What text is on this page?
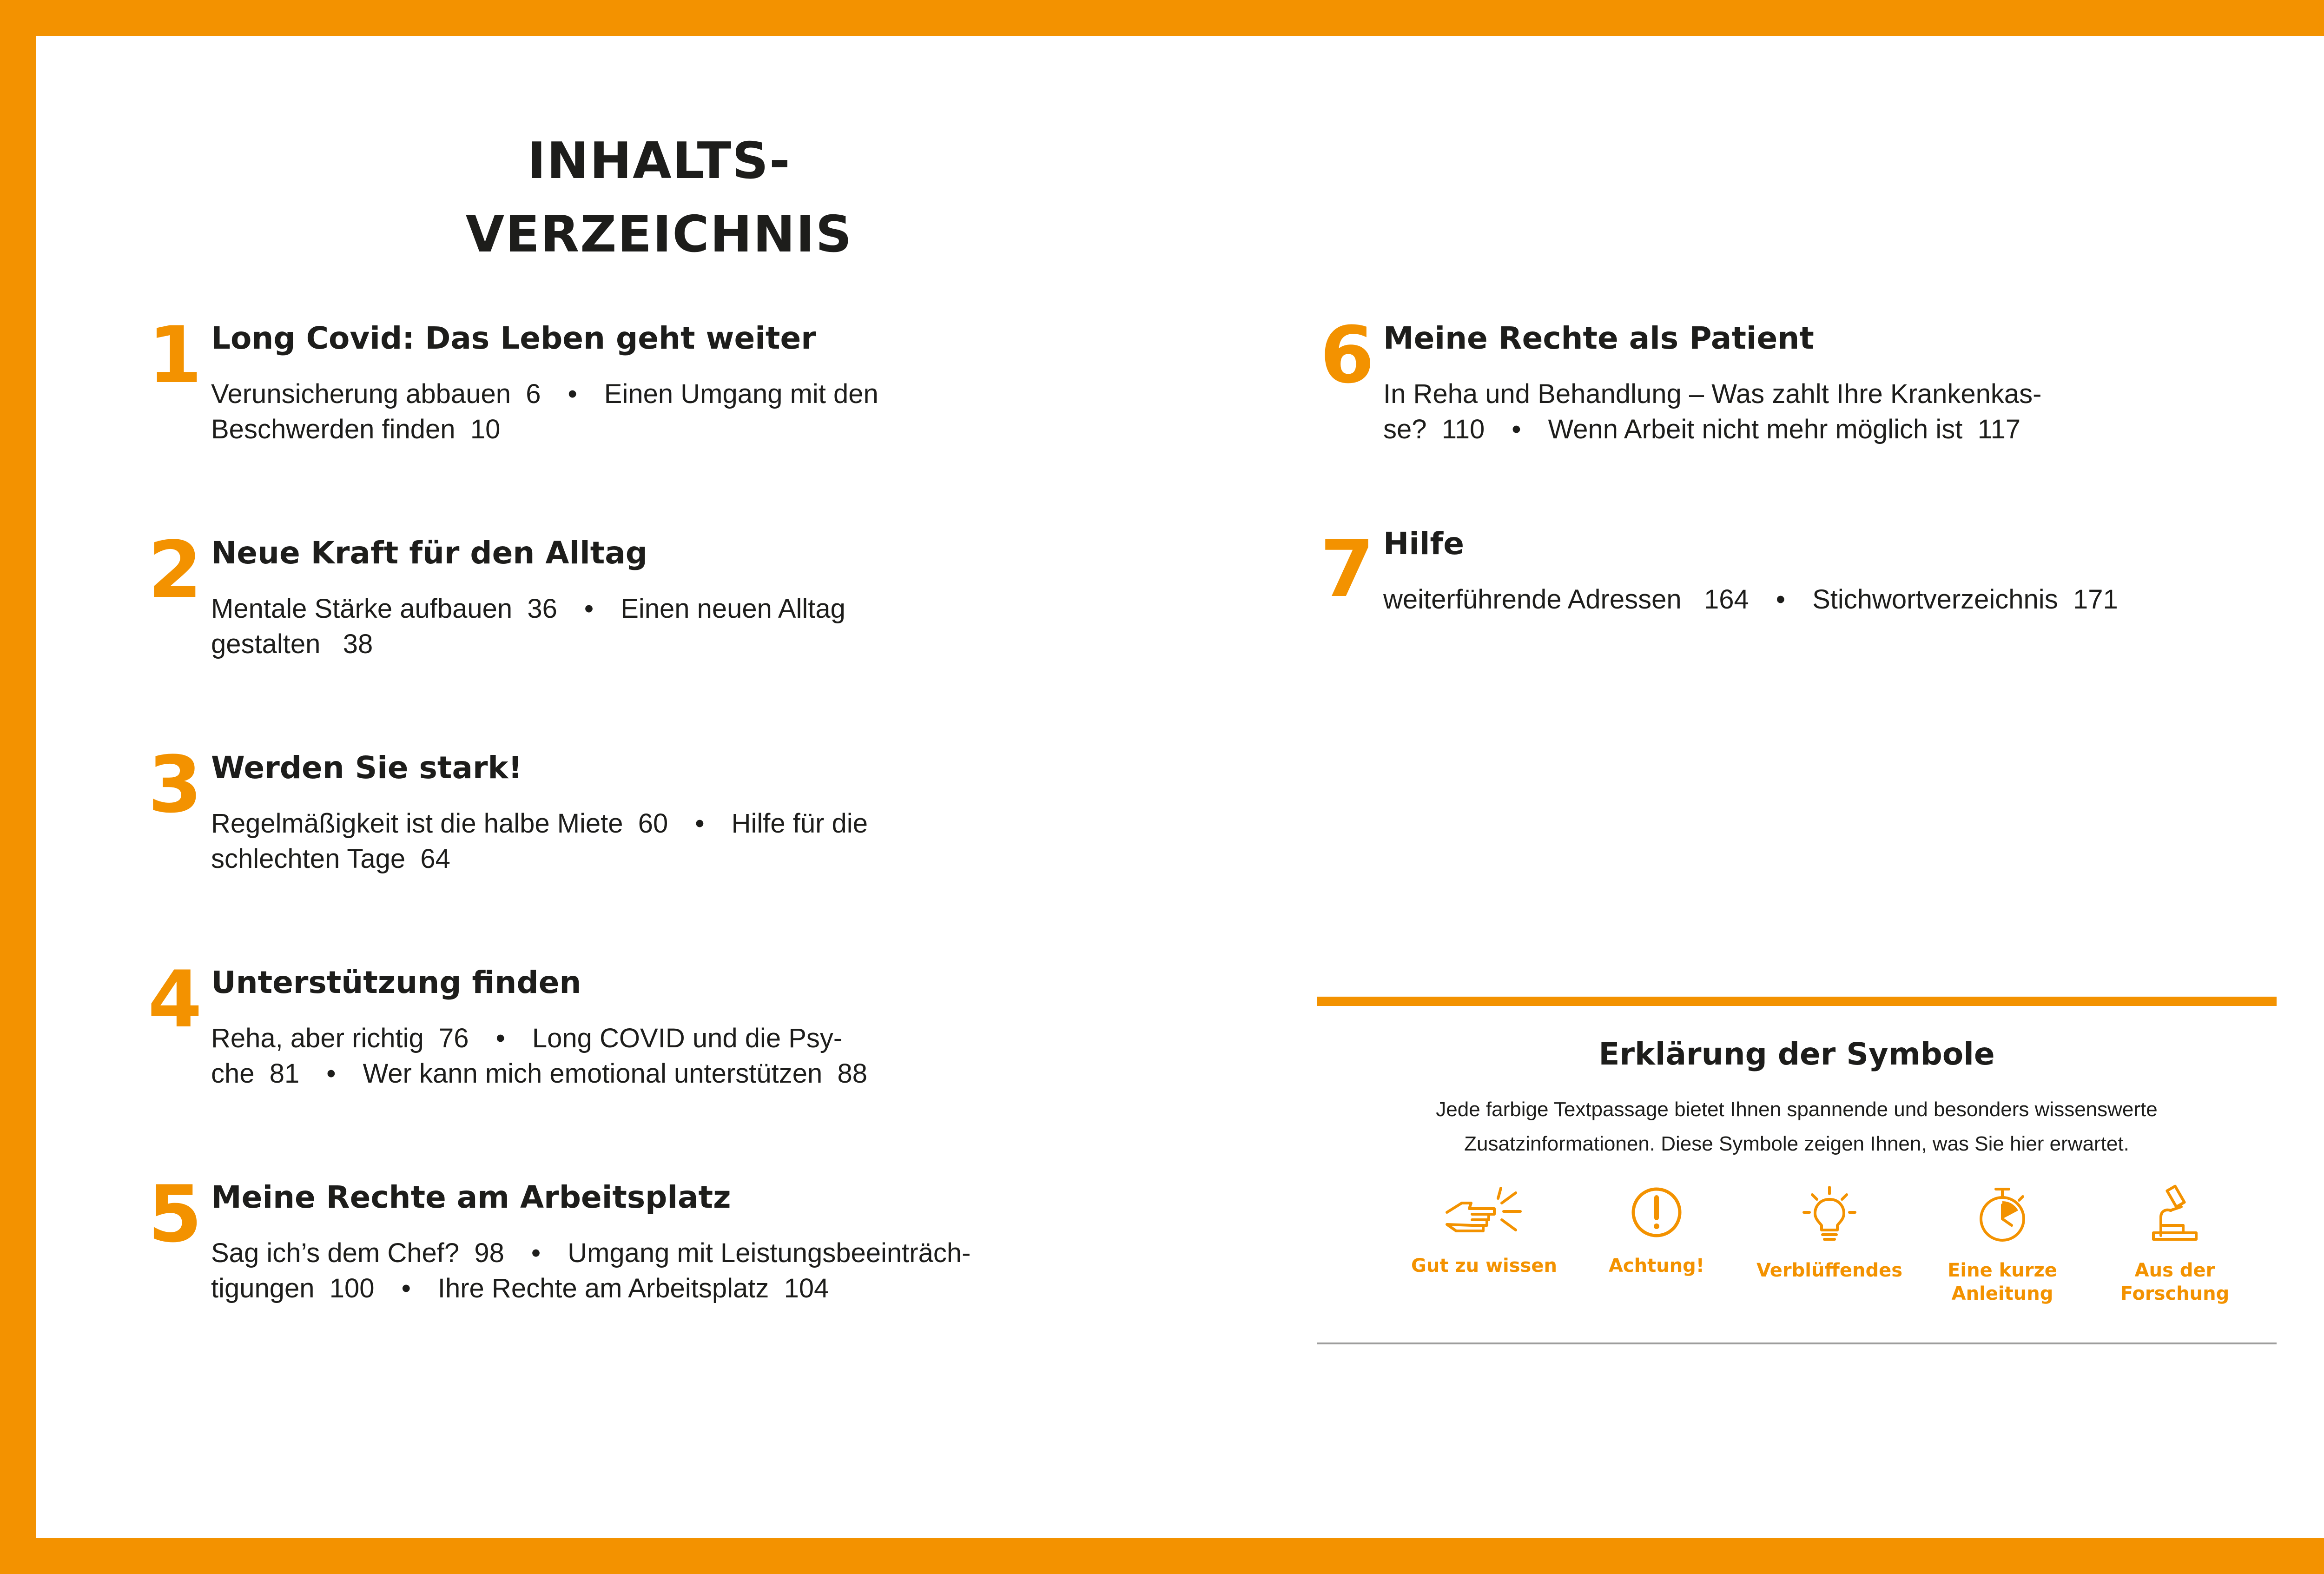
INHALTS-
VERZEICHNIS
1 Long Covid: Das Leben geht weiter
Verunsicherung abbauen 6 • Einen Umgang mit den
Beschwerden finden 10
2 Neue Kraft für den Alltag
Mentale Stärke aufbauen 36 • Einen neuen Alltag
gestalten 38
3 Werden Sie stark!
Regelmäßigkeit ist die halbe Miete 60 • Hilfe für die
schlechten Tage 64
4 Unterstützung finden
Reha, aber richtig 76 • Long COVID und die Psy-
che 81 • Wer kann mich emotional unterstützen 88
5 Meine Rechte am Arbeitsplatz
Sag ich’s dem Chef? 98 • Umgang mit Leistungsbeeinträch-
tigungen 100 • Ihre Rechte am Arbeitsplatz 104
6 Meine Rechte als Patient
In Reha und Behandlung – Was zahlt Ihre Krankenkas-
se? 110 • Wenn Arbeit nicht mehr möglich ist 117
7 Hilfe
weiterführende Adressen 164 • Stichwortverzeichnis 171
Erklärung der Symbole
Jede farbige Textpassage bietet Ihnen spannende und besonders wissenswerte
Zusatzinformationen. Diese Symbole zeigen Ihnen, was Sie hier erwartet.
Gut zu wissen	Achtung!	Verblüffendes	Eine kurze
Anleitung
Aus der
Forschung
